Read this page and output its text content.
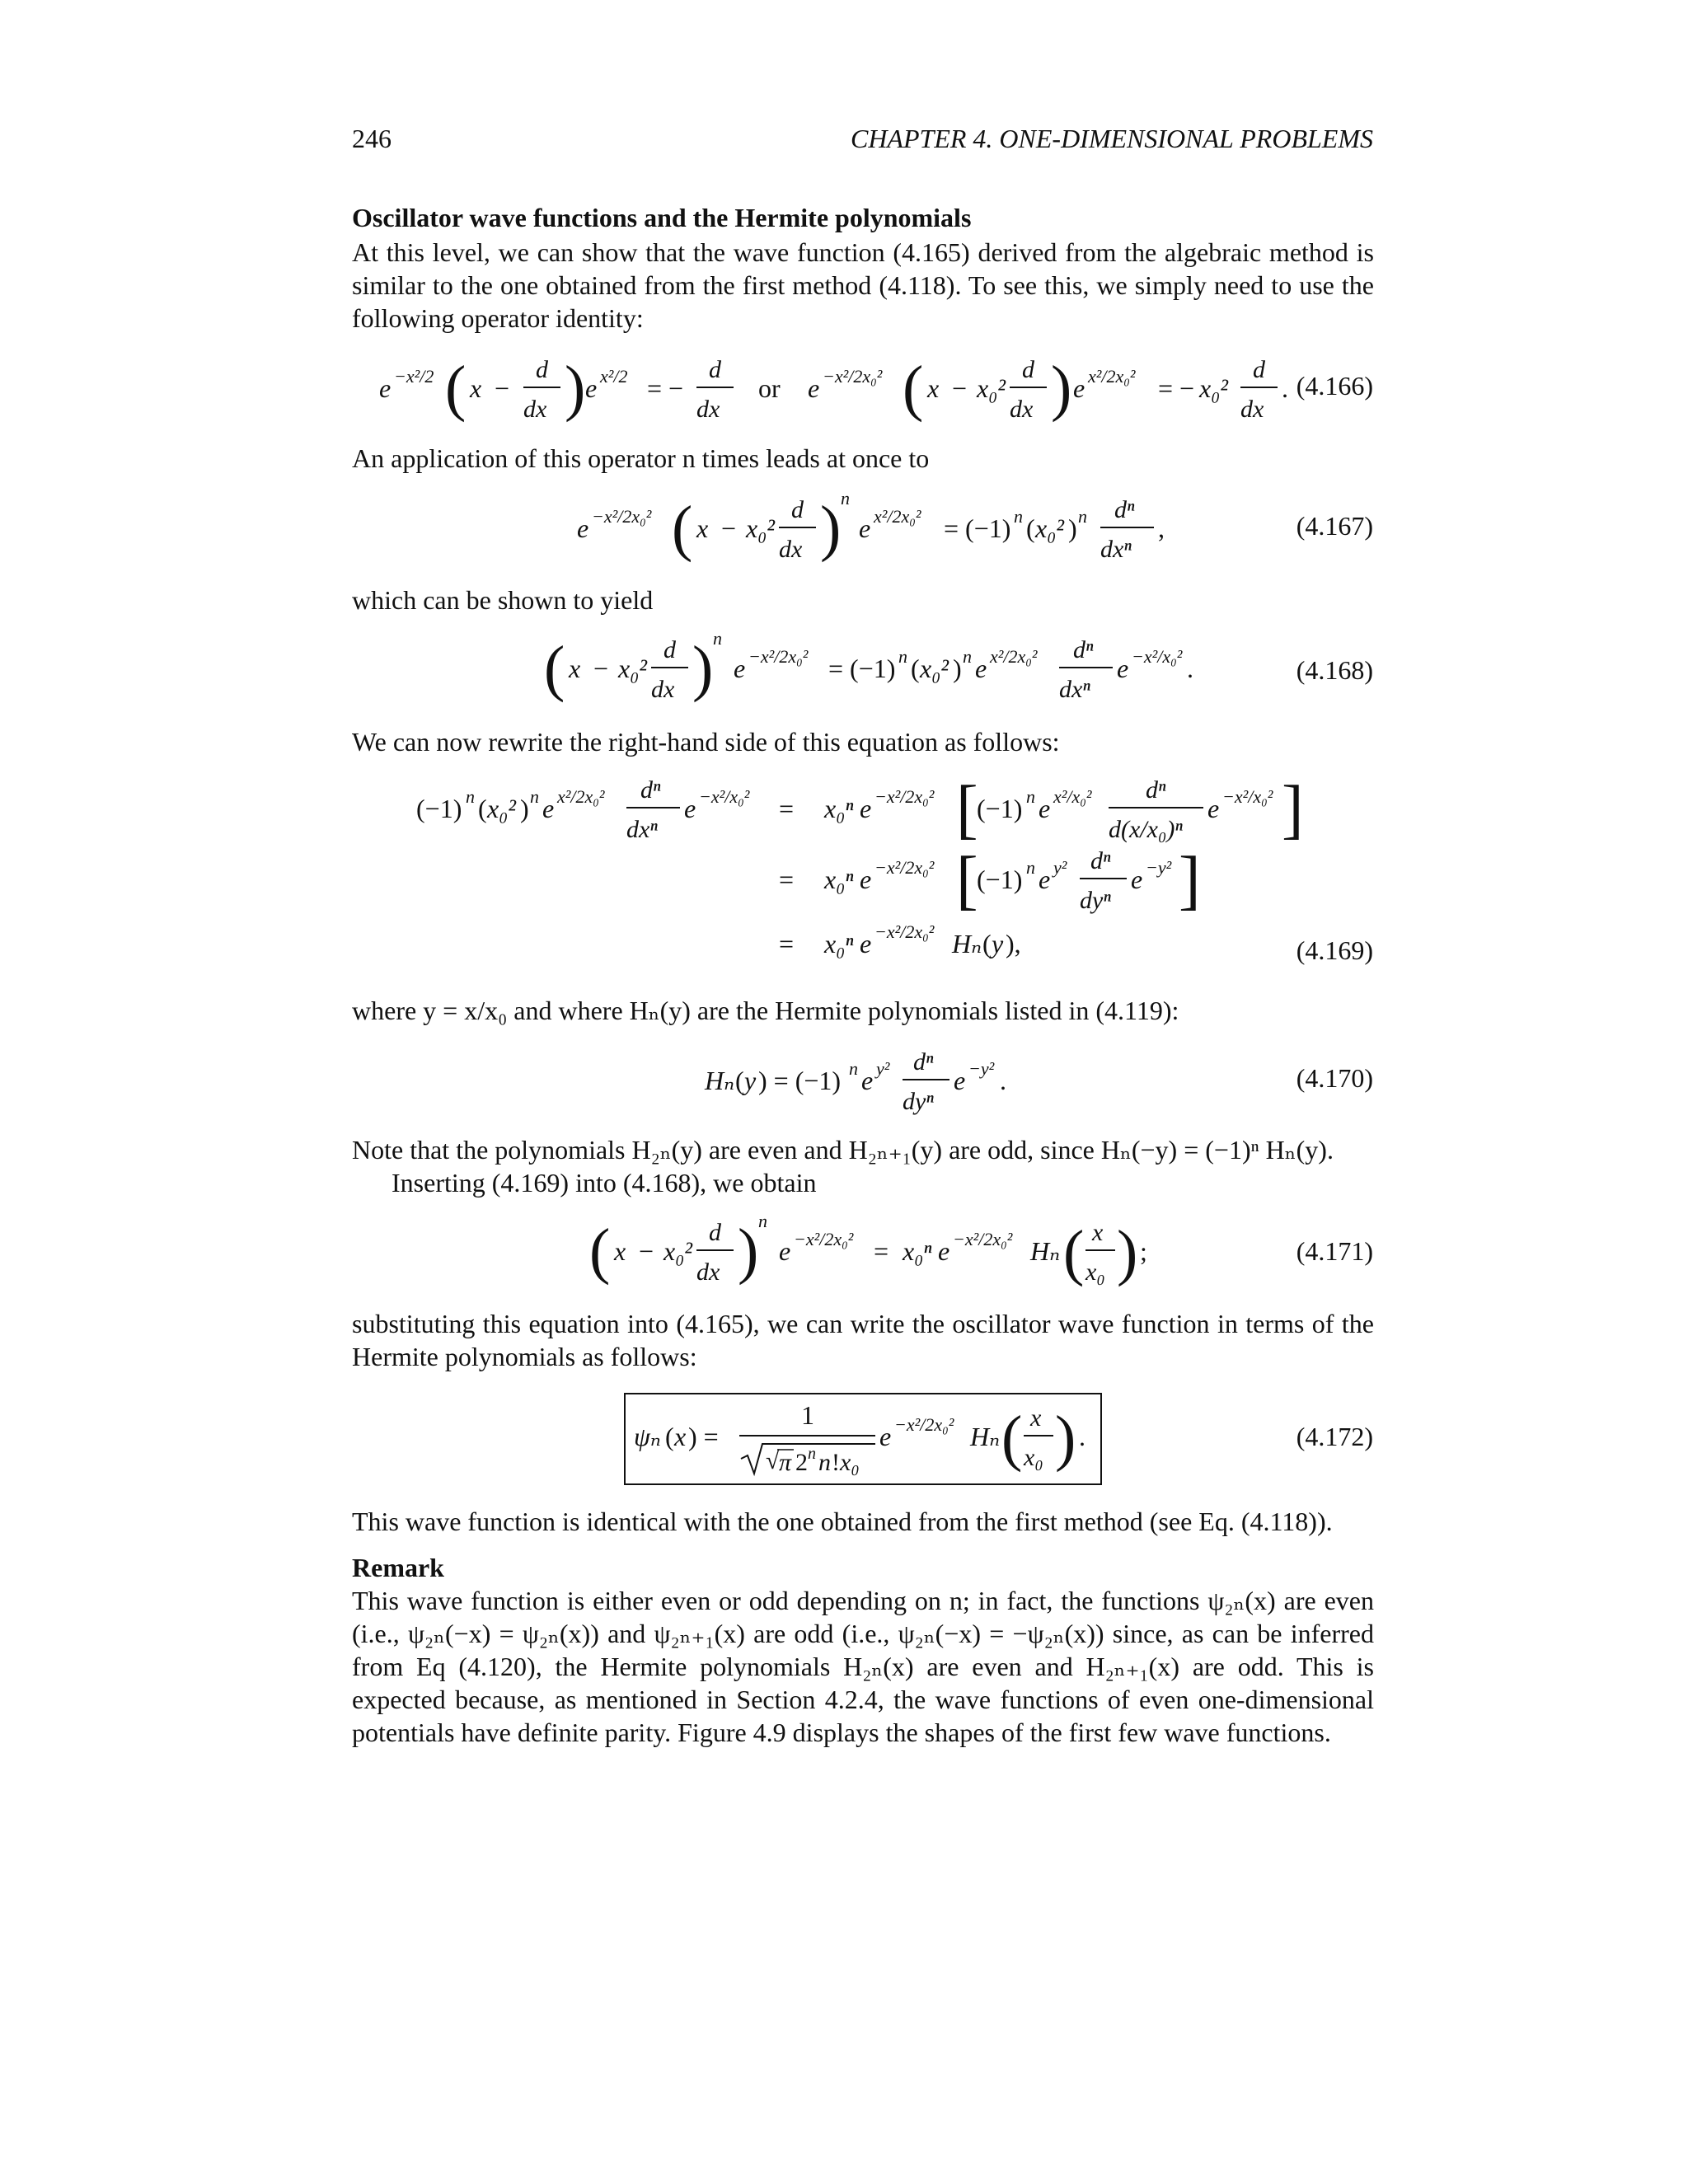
246	CHAPTER 4. ONE-DIMENSIONAL PROBLEMS
Oscillator wave functions and the Hermite polynomials
At this level, we can show that the wave function (4.165) derived from the algebraic method is similar to the one obtained from the first method (4.118). To see this, we simply need to use the following operator identity:
e −x²/2 ( x −
d
dx ) e x²/2 = −
d
dx
or e −x²/2x₀² ( x − x₀²
d
dx ) e x²/2x₀² = − x₀²
d
dx
. (4.166)
An application of this operator n times leads at once to
e −x²/2x₀² ( x − x₀²
d
dx ) n
e x²/2x₀² = (−1) n ( x₀² ) n dⁿ
dxⁿ
,	(4.167)
which can be shown to yield
( x − x₀²
d
dx ) n
e −x²/2x₀² = (−1) n ( x₀² ) n e x²/2x₀² dⁿ
dxⁿ
e −x²/x₀² .	(4.168)
We can now rewrite the right-hand side of this equation as follows:
(−1) n ( x₀² ) n e x²/2x₀² dⁿ
dxⁿ
e −x²/x₀² = x₀ⁿ e −x²/2x₀² [
(−1) n e x²/x₀² dⁿ
d(x/x₀)ⁿ
e −x²/x₀² ]
= x₀ⁿ e −x²/2x₀² [
(−1) n e y² dⁿ
dyⁿ
e −y² ]
= x₀ⁿ e −x²/2x₀² Hₙ ( y ),	(4.169)
where y = x/x₀ and where Hₙ(y) are the Hermite polynomials listed in (4.119):
Hₙ ( y ) = (−1) n e y² dⁿ
dyⁿ
e −y² .	(4.170)
Note that the polynomials H₂ₙ(y) are even and H₂ₙ₊₁(y) are odd, since Hₙ(−y) = (−1)ⁿ Hₙ(y).
Inserting (4.169) into (4.168), we obtain
( x − x₀²
d
dx ) n
e −x²/2x₀² = x₀ⁿ e −x²/2x₀² Hₙ ( x
x₀ ) ;	(4.171)
substituting this equation into (4.165), we can write the oscillator wave function in terms of the Hermite polynomials as follows:
ψₙ ( x ) =
1
√ π 2 n n ! x₀
e −x²/2x₀² Hₙ ( x
x₀ ) .	(4.172)
This wave function is identical with the one obtained from the first method (see Eq. (4.118)).
Remark
This wave function is either even or odd depending on n; in fact, the functions ψ₂ₙ(x) are even (i.e., ψ₂ₙ(−x) = ψ₂ₙ(x)) and ψ₂ₙ₊₁(x) are odd (i.e., ψ₂ₙ(−x) = −ψ₂ₙ(x)) since, as can be inferred from Eq (4.120), the Hermite polynomials H₂ₙ(x) are even and H₂ₙ₊₁(x) are odd. This is expected because, as mentioned in Section 4.2.4, the wave functions of even one-dimensional potentials have definite parity. Figure 4.9 displays the shapes of the first few wave functions.
